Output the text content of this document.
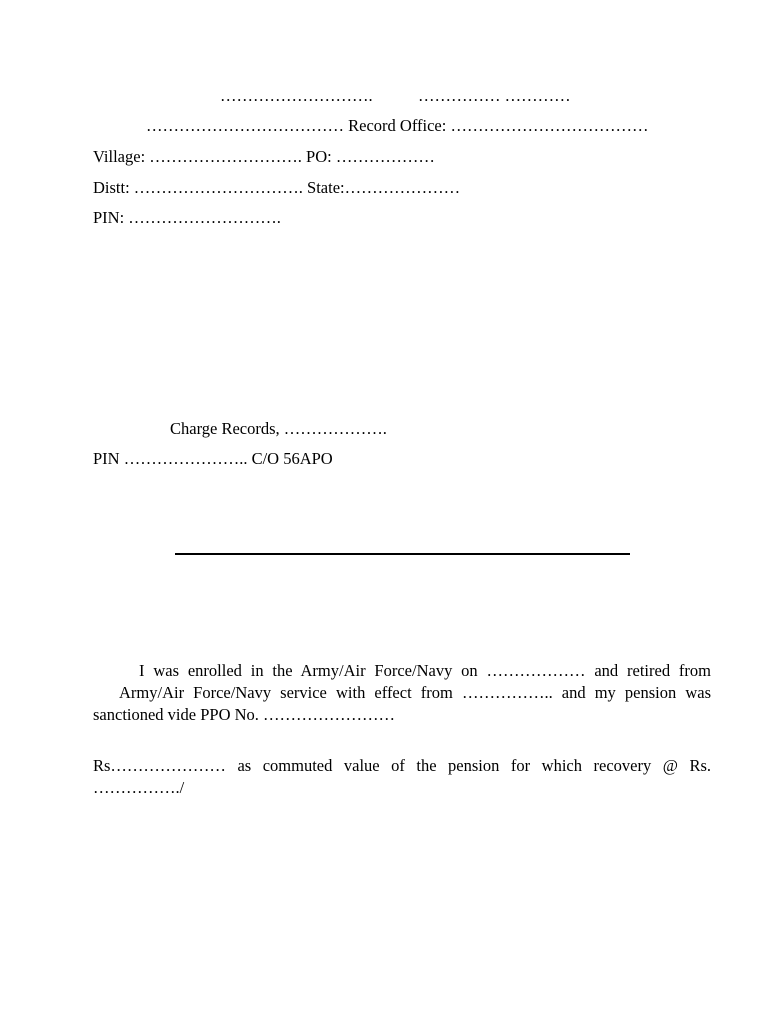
……………………….           …………… …………
……………………………… Record Office: ………………………………
Village: ………………………. PO: ………………
Distt: …………………………. State:…………………
PIN: ……………………….
Charge Records, ……………….
PIN ………………….. C/O 56APO
I was enrolled in the Army/Air Force/Navy on ……………… and retired from
Army/Air Force/Navy service with effect from …………….. and my pension was
sanctioned vide PPO No. ……………………
Rs………………… as commuted value of the pension for which recovery @ Rs.
……………./
